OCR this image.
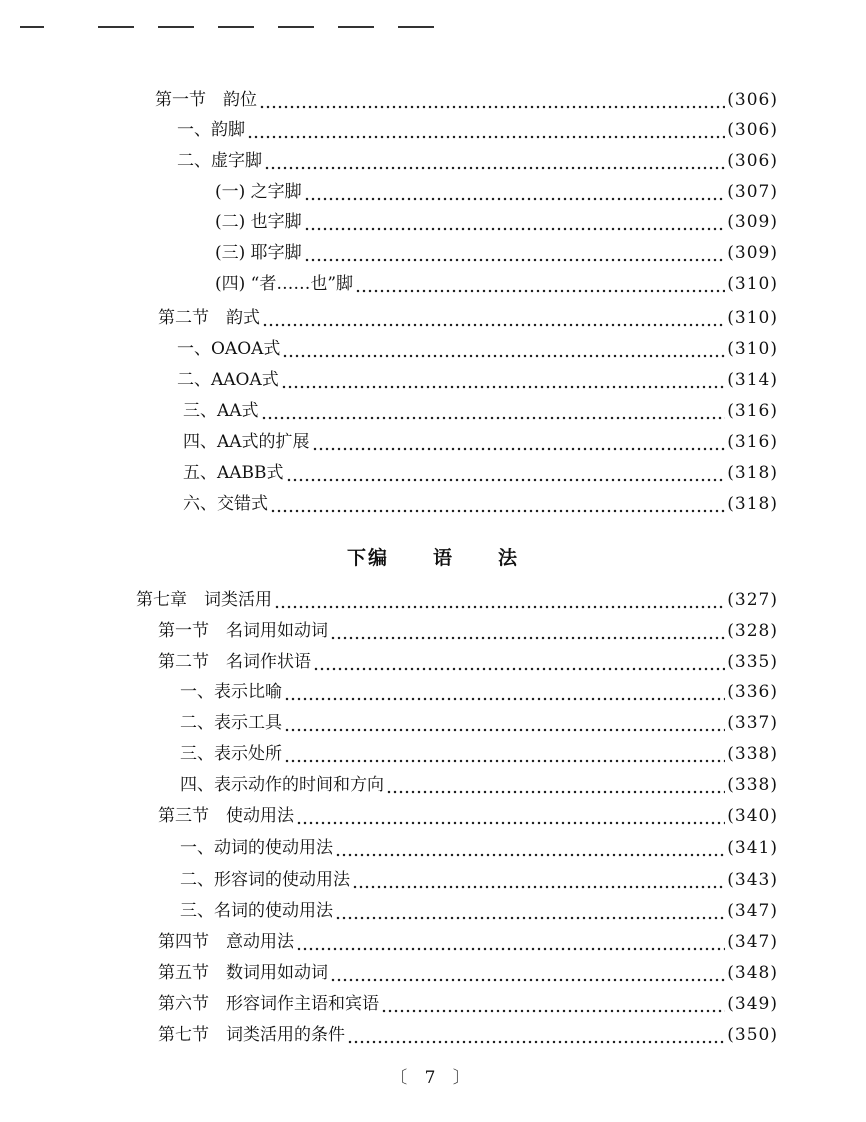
第一节　韵位	(306)
一、韵脚	(306)
二、虚字脚	(306)
(一) 之字脚	(307)
(二) 也字脚	(309)
(三) 耶字脚	(309)
(四) “者……也”脚	(310)
第二节　韵式	(310)
一、OAOA式	(310)
二、AAOA式	(314)
三、AA式	(316)
四、AA式的扩展	(316)
五、AABB式	(318)
六、交错式	(318)
下编 语 法
第七章　词类活用	(327)
第一节　名词用如动词	(328)
第二节　名词作状语	(335)
一、表示比喻	(336)
二、表示工具	(337)
三、表示处所	(338)
四、表示动作的时间和方向	(338)
第三节　使动用法	(340)
一、动词的使动用法	(341)
二、形容词的使动用法	(343)
三、名词的使动用法	(347)
第四节　意动用法	(347)
第五节　数词用如动词	(348)
第六节　形容词作主语和宾语	(349)
第七节　词类活用的条件	(350)
〔 7 〕
